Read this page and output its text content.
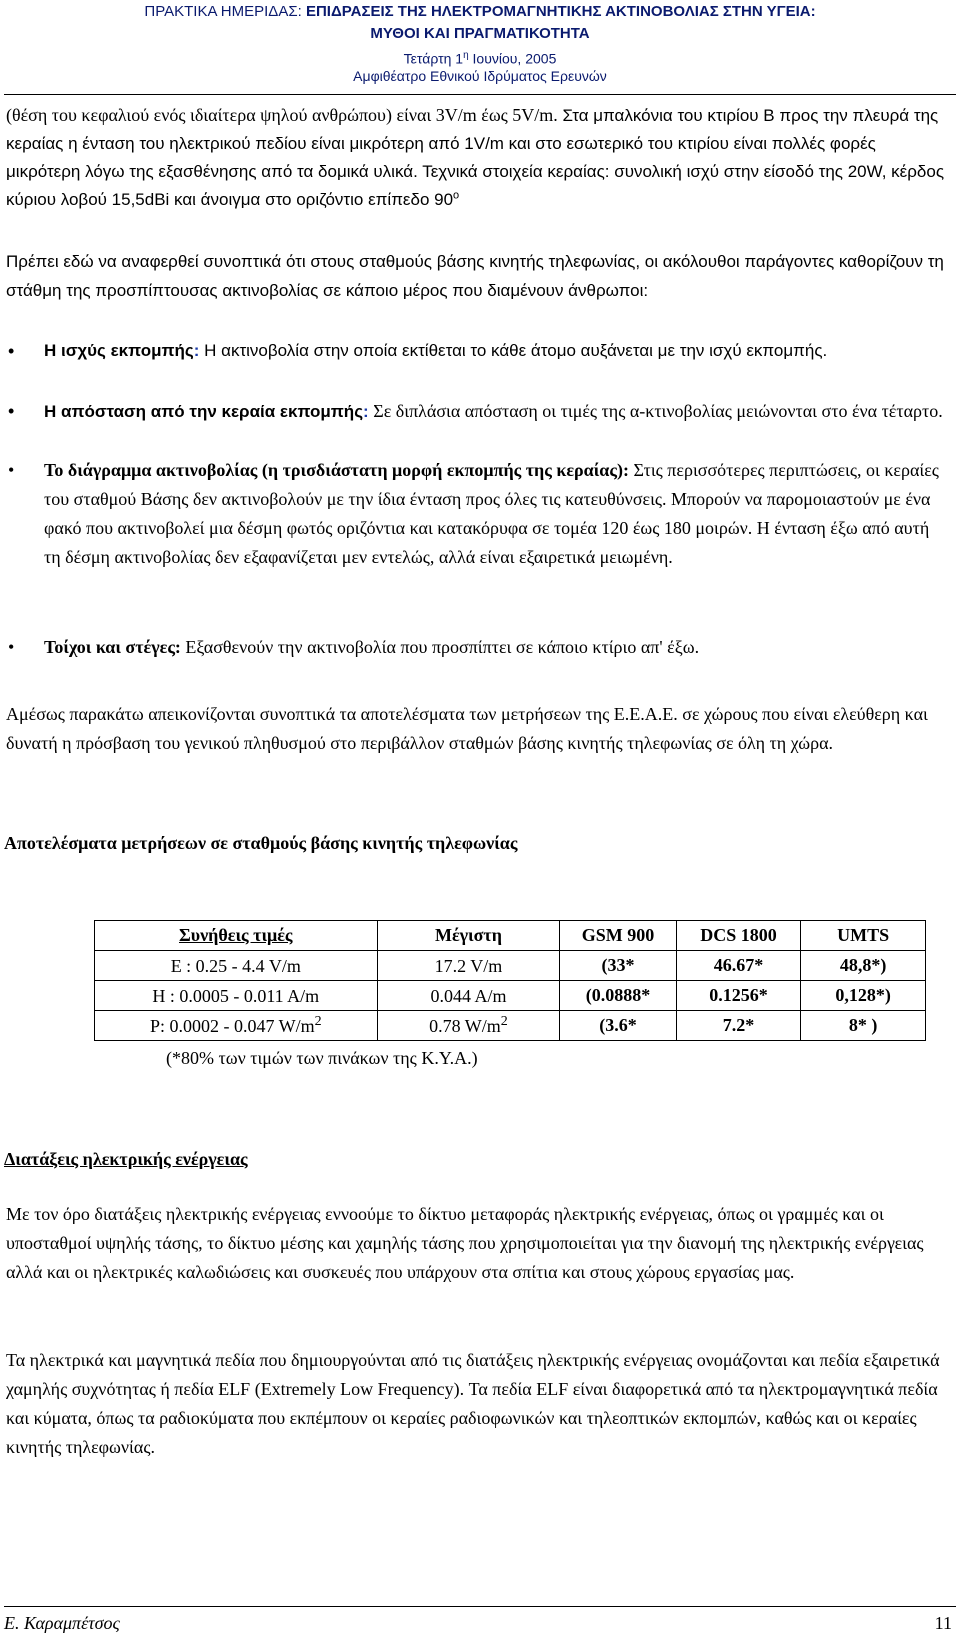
ΠΡΑΚΤΙΚΑ ΗΜΕΡΙΔΑΣ: ΕΠΙΔΡΑΣΕΙΣ ΤΗΣ ΗΛΕΚΤΡΟΜΑΓΝΗΤΙΚΗΣ ΑΚΤΙΝΟΒΟΛΙΑΣ ΣΤΗΝ ΥΓΕΙΑ:
ΜΥΘΟΙ ΚΑΙ ΠΡΑΓΜΑΤΙΚΟΤΗΤΑ
Τετάρτη $1^\eta$ Ιουνίου, 2005
Αμφιθέατρο Εθνικού Ιδρύματος Ερευνών
(θέση του κεφαλιού ενός ιδιαίτερα ψηλού ανθρώπου) είναι 3V/m έως 5V/m. Στα μπαλκόνια του κτιρίου Β προς την πλευρά της κεραίας η ένταση του ηλεκτρικού πεδίου είναι μικρότερη από 1V/m και στο εσωτερικό του κτιρίου είναι πολλές φορές μικρότερη λόγω της εξασθένησης από τα δομικά υλικά. Τεχνικά στοιχεία κεραίας: συνολική ισχύ στην είσοδό της 20W, κέρδος κύριου λοβού 15,5dBi και άνοιγμα στο οριζόντιο επίπεδο $90^o$
Πρέπει εδώ να αναφερθεί συνοπτικά ότι στους σταθμούς βάσης κινητής τηλεφωνίας, οι ακόλουθοι παράγοντες καθορίζουν τη στάθμη της προσπίπτουσας ακτινοβολίας σε κάποιο μέρος που διαμένουν άνθρωποι:
• Η ισχύς εκπομπής: Η ακτινοβολία στην οποία εκτίθεται το κάθε άτομο αυξάνεται με την ισχύ εκπομπής.
• Η απόσταση από την κεραία εκπομπής: Σε διπλάσια απόσταση οι τιμές της α-κτινοβολίας μειώνονται στο ένα τέταρτο.
• Το διάγραμμα ακτινοβολίας (η τρισδιάστατη μορφή εκπομπής της κεραίας): Στις περισσότερες περιπτώσεις, οι κεραίες του σταθμού Βάσης δεν ακτινοβολούν με την ίδια ένταση προς όλες τις κατευθύνσεις. Μπορούν να παρομοιαστούν με ένα φακό που ακτινοβολεί μια δέσμη φωτός οριζόντια και κατακόρυφα σε τομέα 120 έως 180 μοιρών. Η ένταση έξω από αυτή τη δέσμη ακτινοβολίας δεν εξαφανίζεται μεν εντελώς, αλλά είναι εξαιρετικά μειωμένη.
• Τοίχοι και στέγες: Εξασθενούν την ακτινοβολία που προσπίπτει σε κάποιο κτίριο απ' έξω.
Αμέσως παρακάτω απεικονίζονται συνοπτικά τα αποτελέσματα των μετρήσεων της Ε.Ε.Α.Ε. σε χώρους που είναι ελεύθερη και δυνατή η πρόσβαση του γενικού πληθυσμού στο περιβάλλον σταθμών βάσης κινητής τηλεφωνίας σε όλη τη χώρα.
Αποτελέσματα μετρήσεων σε σταθμούς βάσης κινητής τηλεφωνίας
Συνήθεις τιμές	Μέγιστη	GSM 900	DCS 1800	UMTS
E : 0.25 - 4.4 V/m	17.2 V/m	(33*	46.67*	48,8*)
H : 0.0005 - 0.011 A/m	0.044 A/m	(0.0888*	0.1256*	0,128*)
P: 0.0002 - 0.047 $W/m^2$	0.78 $W/m^2$	(3.6*	7.2*	8* )
(*80% των τιμών των πινάκων της Κ.Υ.Α.)
Διατάξεις ηλεκτρικής ενέργειας
Με τον όρο διατάξεις ηλεκτρικής ενέργειας εννοούμε το δίκτυο μεταφοράς ηλεκτρικής ενέργειας, όπως οι γραμμές και οι υποσταθμοί υψηλής τάσης, το δίκτυο μέσης και χαμηλής τάσης που χρησιμοποιείται για την διανομή της ηλεκτρικής ενέργειας αλλά και οι ηλεκτρικές καλωδιώσεις και συσκευές που υπάρχουν στα σπίτια και στους χώρους εργασίας μας.
Τα ηλεκτρικά και μαγνητικά πεδία που δημιουργούνται από τις διατάξεις ηλεκτρικής ενέργειας ονομάζονται και πεδία εξαιρετικά χαμηλής συχνότητας ή πεδία ELF (Extremely Low Frequency). Τα πεδία ELF είναι διαφορετικά από τα ηλεκτρομαγνητικά πεδία και κύματα, όπως τα ραδιοκύματα που εκπέμπουν οι κεραίες ραδιοφωνικών και τηλεοπτικών εκπομπών, καθώς και οι κεραίες κινητής τηλεφωνίας.
Ε. Καραμπέτσος	11
